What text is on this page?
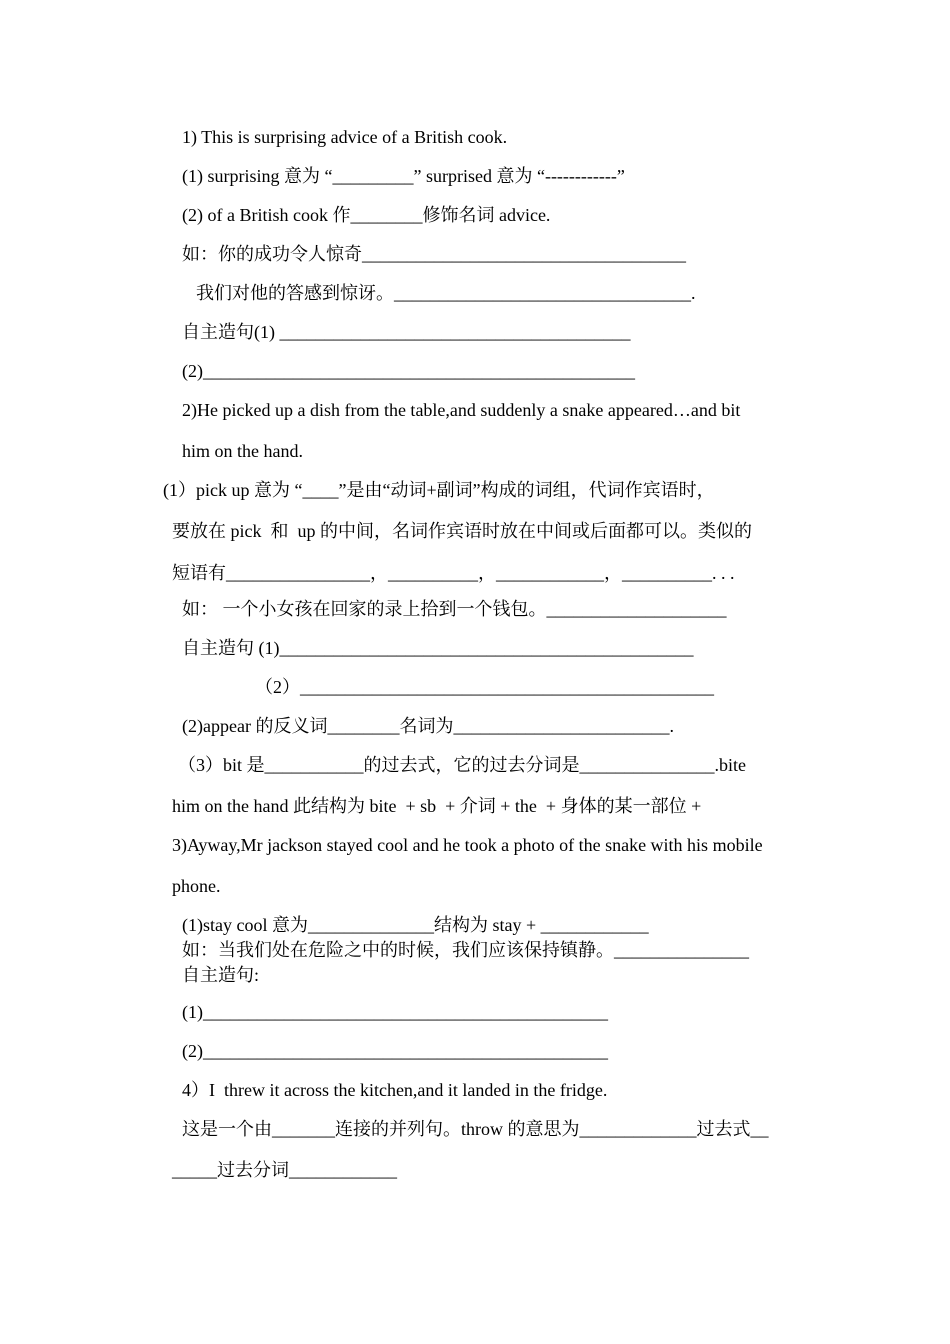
1) This is surprising advice of a British cook.
(1) surprising 意为 “_________” surprised 意为 “------------”
(2) of a British cook 作________修饰名词 advice.
如：你的成功令人惊奇____________________________________
我们对他的答感到惊讶。_________________________________.
自主造句(1) _______________________________________
(2)________________________________________________
2)He picked up a dish from the table,and suddenly a snake appeared…and bit
him on the hand.
(1）pick up 意为 “____”是由“动词+副词”构成的词组，代词作宾语时，
要放在 pick  和  up 的中间，名词作宾语时放在中间或后面都可以。类似的
短语有________________，__________，____________，__________. . .
如： 一个小女孩在回家的录上拾到一个钱包。____________________
自主造句 (1)______________________________________________
（2）______________________________________________
(2)appear 的反义词________名词为________________________.
（3）bit 是___________的过去式，它的过去分词是_______________.bite
him on the hand 此结构为 bite  + sb  + 介词 + the  + 身体的某一部位 +
3)Ayway,Mr jackson stayed cool and he took a photo of the snake with his mobile
phone.
(1)stay cool 意为______________结构为 stay + ____________
如：当我们处在危险之中的时候，我们应该保持镇静。_______________
自主造句:
(1)_____________________________________________
(2)_____________________________________________
4）I  threw it across the kitchen,and it landed in the fridge.
这是一个由_______连接的并列句。throw 的意思为_____________过去式__
_____过去分词____________
